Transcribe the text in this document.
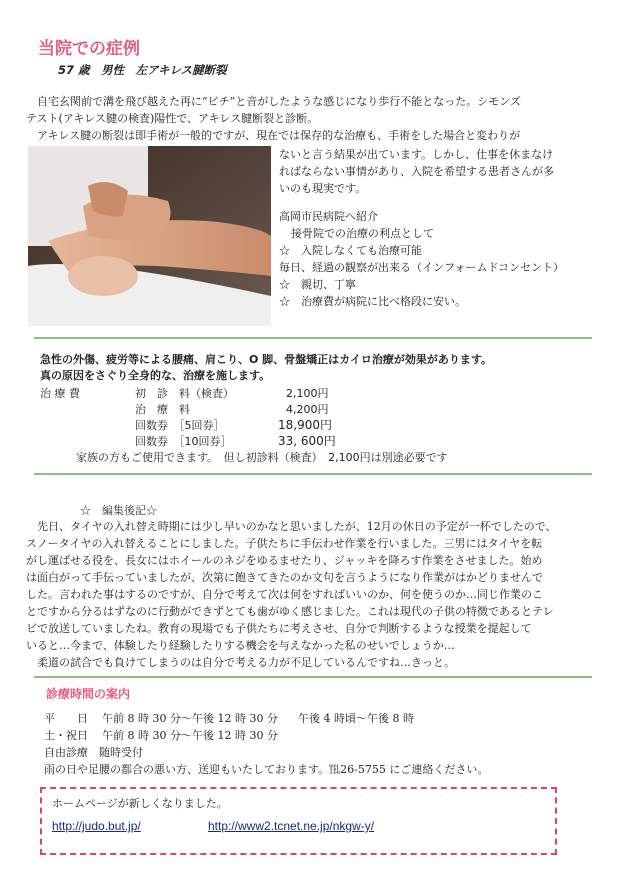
当院での症例
57 歳　男性　左アキレス腱断裂
　自宅玄関前で溝を飛び越えた再に“ビチ”と音がしたような感じになり歩行不能となった。シモンズ
テスト(アキレス腱の検査)陽性で、アキレス腱断裂と診断。
　アキレス腱の断裂は即手術が一般的ですが、現在では保存的な治療も、手術をした場合と変わりが
ないと言う結果が出ています。しかし、仕事を休まなけ
ればならない事情があり、入院を希望する患者さんが多
いのも現実です。
高岡市民病院へ紹介
接骨院での治療の利点として
☆　入院しなくても治療可能
毎日、経過の観察が出来る（インフォームドコンセント）
☆　親切、丁寧
☆　治療費が病院に比べ格段に安い。
急性の外傷、疲労等による腰痛、肩こり、O 脚、骨盤矯正はカイロ治療が効果があります。
真の原因をさぐり全身的な、治療を施します。
治 療 費	初　診　料（検査）	2,100円
治　療　料	4,200円
回数券　［5回券］	18,900円
回数券　［10回券］	33, 600円
家族の方もご使用できます。　但し初診料（検査）　2,100円は別途必要です
☆　編集後記☆
　先日、タイヤの入れ替え時期には少し早いのかなと思いましたが、12月の休日の予定が一杯でしたので、
スノータイヤの入れ替えることにしました。子供たちに手伝わせ作業を行いました。三男にはタイヤを転
がし運ばせる役を、長女にはホイールのネジをゆるませたり、ジャッキを降ろす作業をさせました。始め
は面白がって手伝っていましたが、次第に飽きてきたのか文句を言うようになり作業がはかどりませんで
した。言われた事はするのですが、自分で考えて次は何をすればいいのか、何を使うのか…同じ作業のこ
とですから分るはずなのに行動ができずとても歯がゆく感じました。これは現代の子供の特徴であるとテレ
ビで放送していましたね。教育の現場でも子供たちに考えさせ、自分で判断するような授業を提起して
いると…今まで、体験したり経験したりする機会を与えなかった私のせいでしょうか…
　柔道の試合でも負けてしまうのは自分で考える力が不足しているんですね…きっと。
診療時間の案内
平　　日 午前 8 時 30 分～午後 12 時 30 分 午後 4 時頃～午後 8 時
土・祝日 午前 8 時 30 分～午後 12 時 30 分
自由診療　随時受付
雨の日や足腰の都合の悪い方、送迎もいたしております。℡26-5755 にご連絡ください。
ホームページが新しくなりました。
http://judo.but.jp/	http://www2.tcnet.ne.jp/nkgw-y/
